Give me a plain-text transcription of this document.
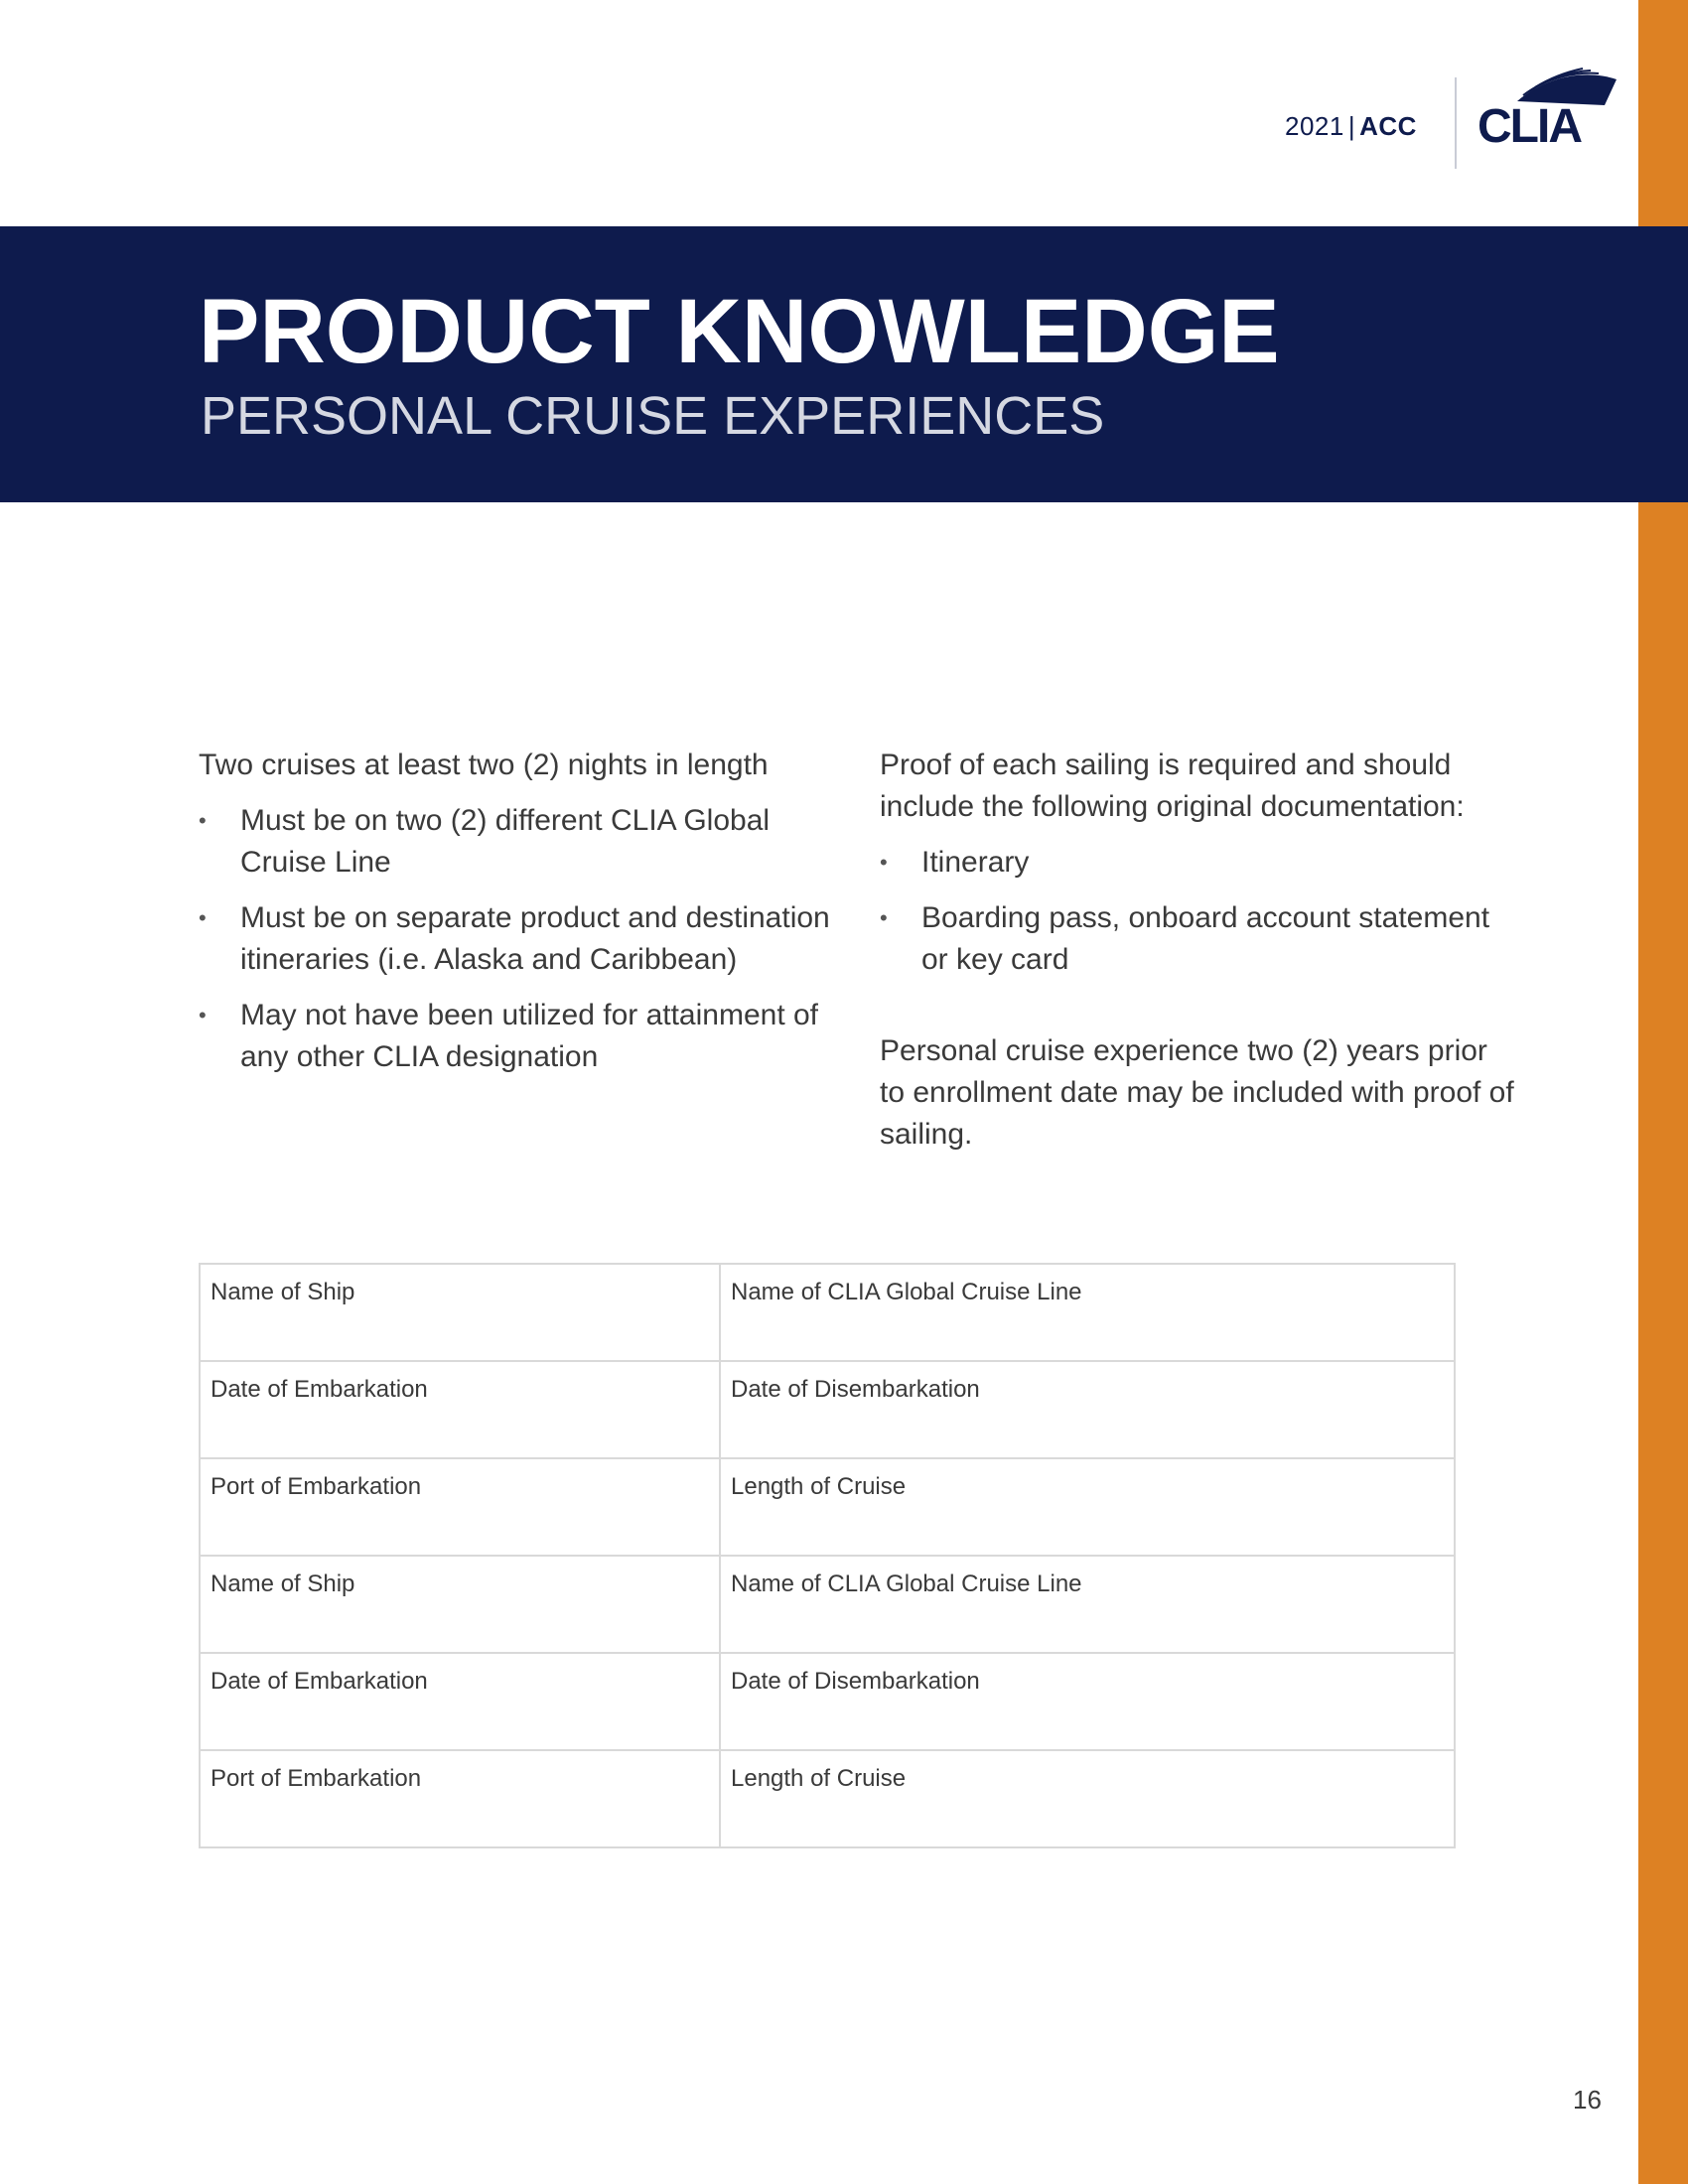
2021 | ACC CLIA
PRODUCT KNOWLEDGE
PERSONAL CRUISE EXPERIENCES

Two cruises at least two (2) nights in length

•	Must be on two (2) different CLIA Global Cruise Line
•	Must be on separate product and destination itineraries (i.e. Alaska and Caribbean)
•	May not have been utilized for attainment of any other CLIA designation

Proof of each sailing is required and should include the following original documentation:

•	Itinerary
•	Boarding pass, onboard account statement or key card

Personal cruise experience two (2) years prior to enrollment date may be included with proof of sailing.

Name of Ship	Name of CLIA Global Cruise Line
Date of Embarkation	Date of Disembarkation
Port of Embarkation	Length of Cruise
Name of Ship	Name of CLIA Global Cruise Line
Date of Embarkation	Date of Disembarkation
Port of Embarkation	Length of Cruise
16
